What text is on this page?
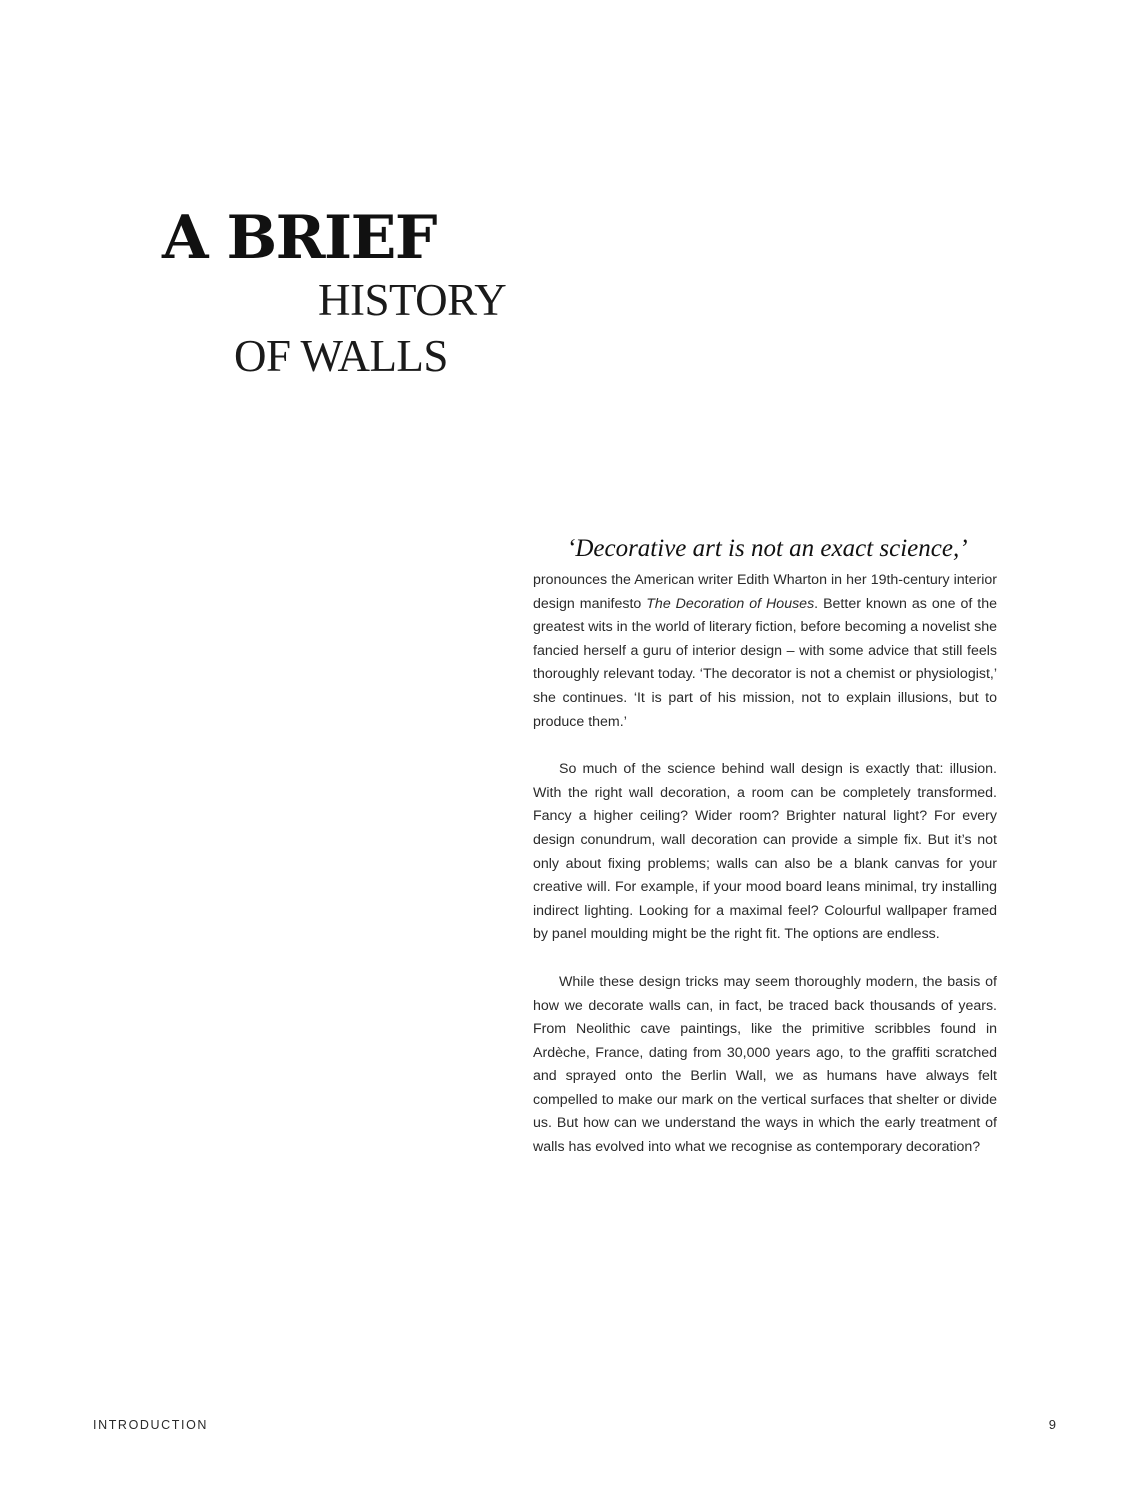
A BRIEF
HISTORY
OF WALLS

‘Decorative art is not an exact science,’

pronounces the American writer Edith Wharton in her 19th-century interior design manifesto The Decoration of Houses. Better known as one of the greatest wits in the world of literary fiction, before becoming a novelist she fancied herself a guru of interior design – with some advice that still feels thoroughly relevant today. ‘The decorator is not a chemist or physiologist,’ she continues. ‘It is part of his mission, not to explain illusions, but to produce them.’

So much of the science behind wall design is exactly that: illusion. With the right wall decoration, a room can be completely transformed. Fancy a higher ceiling? Wider room? Brighter natural light? For every design conundrum, wall decoration can provide a simple fix. But it’s not only about fixing problems; walls can also be a blank canvas for your creative will. For example, if your mood board leans minimal, try installing indirect lighting. Looking for a maximal feel? Colourful wallpaper framed by panel moulding might be the right fit. The options are endless.

While these design tricks may seem thoroughly modern, the basis of how we decorate walls can, in fact, be traced back thousands of years. From Neolithic cave paintings, like the primitive scribbles found in Ardèche, France, dating from 30,000 years ago, to the graffiti scratched and sprayed onto the Berlin Wall, we as humans have always felt compelled to make our mark on the vertical surfaces that shelter or divide us. But how can we understand the ways in which the early treatment of walls has evolved into what we recognise as contemporary decoration?

INTRODUCTION	9
